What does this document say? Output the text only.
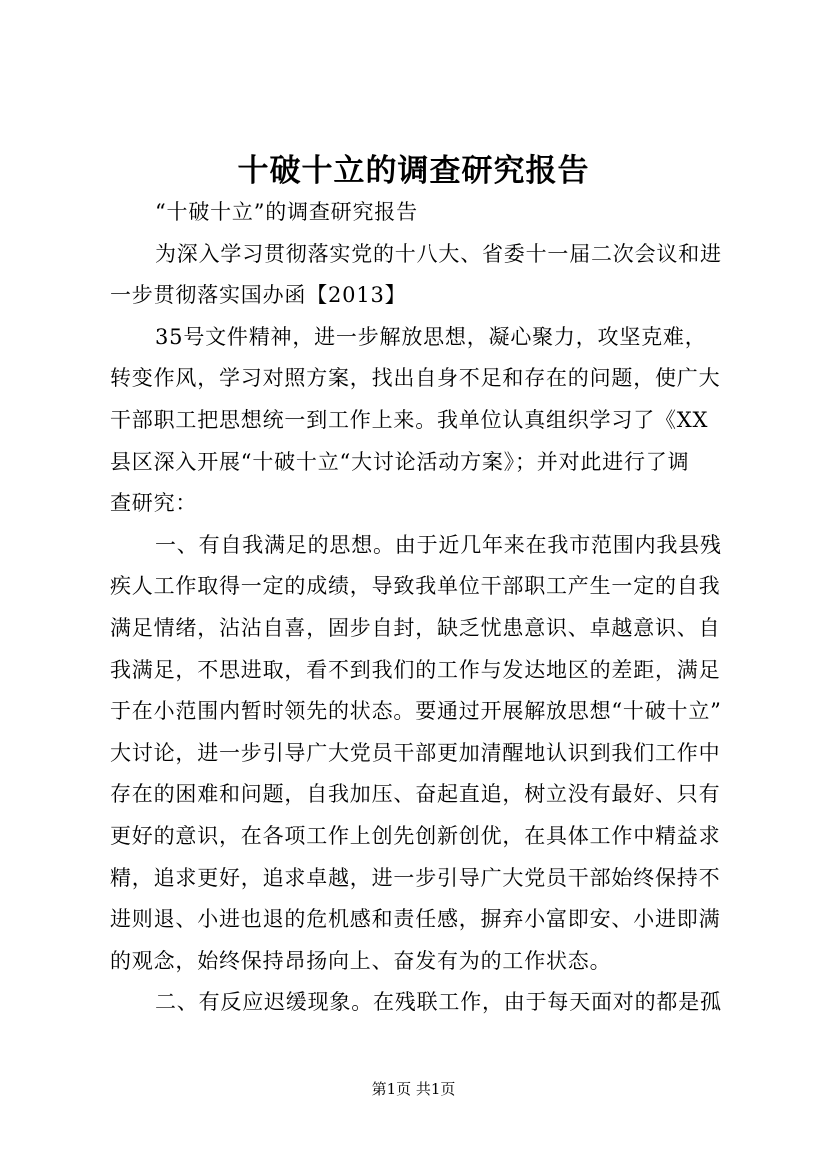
十破十立的调查研究报告
“十破十立”的调查研究报告
为深入学习贯彻落实党的十八大、省委十一届二次会议和进
一步贯彻落实国办函【2013】
35号文件精神，进一步解放思想，凝心聚力，攻坚克难，
转变作风，学习对照方案，找出自身不足和存在的问题，使广大
干部职工把思想统一到工作上来。我单位认真组织学习了《XX
县区深入开展“十破十立“大讨论活动方案》；并对此进行了调
查研究：
一、有自我满足的思想。由于近几年来在我市范围内我县残
疾人工作取得一定的成绩，导致我单位干部职工产生一定的自我
满足情绪，沾沾自喜，固步自封，缺乏忧患意识、卓越意识、自
我满足，不思进取，看不到我们的工作与发达地区的差距，满足
于在小范围内暂时领先的状态。要通过开展解放思想“十破十立”
大讨论，进一步引导广大党员干部更加清醒地认识到我们工作中
存在的困难和问题，自我加压、奋起直追，树立没有最好、只有
更好的意识，在各项工作上创先创新创优，在具体工作中精益求
精，追求更好，追求卓越，进一步引导广大党员干部始终保持不
进则退、小进也退的危机感和责任感，摒弃小富即安、小进即满
的观念，始终保持昂扬向上、奋发有为的工作状态。
二、有反应迟缓现象。在残联工作，由于每天面对的都是孤
第1页 共1页
